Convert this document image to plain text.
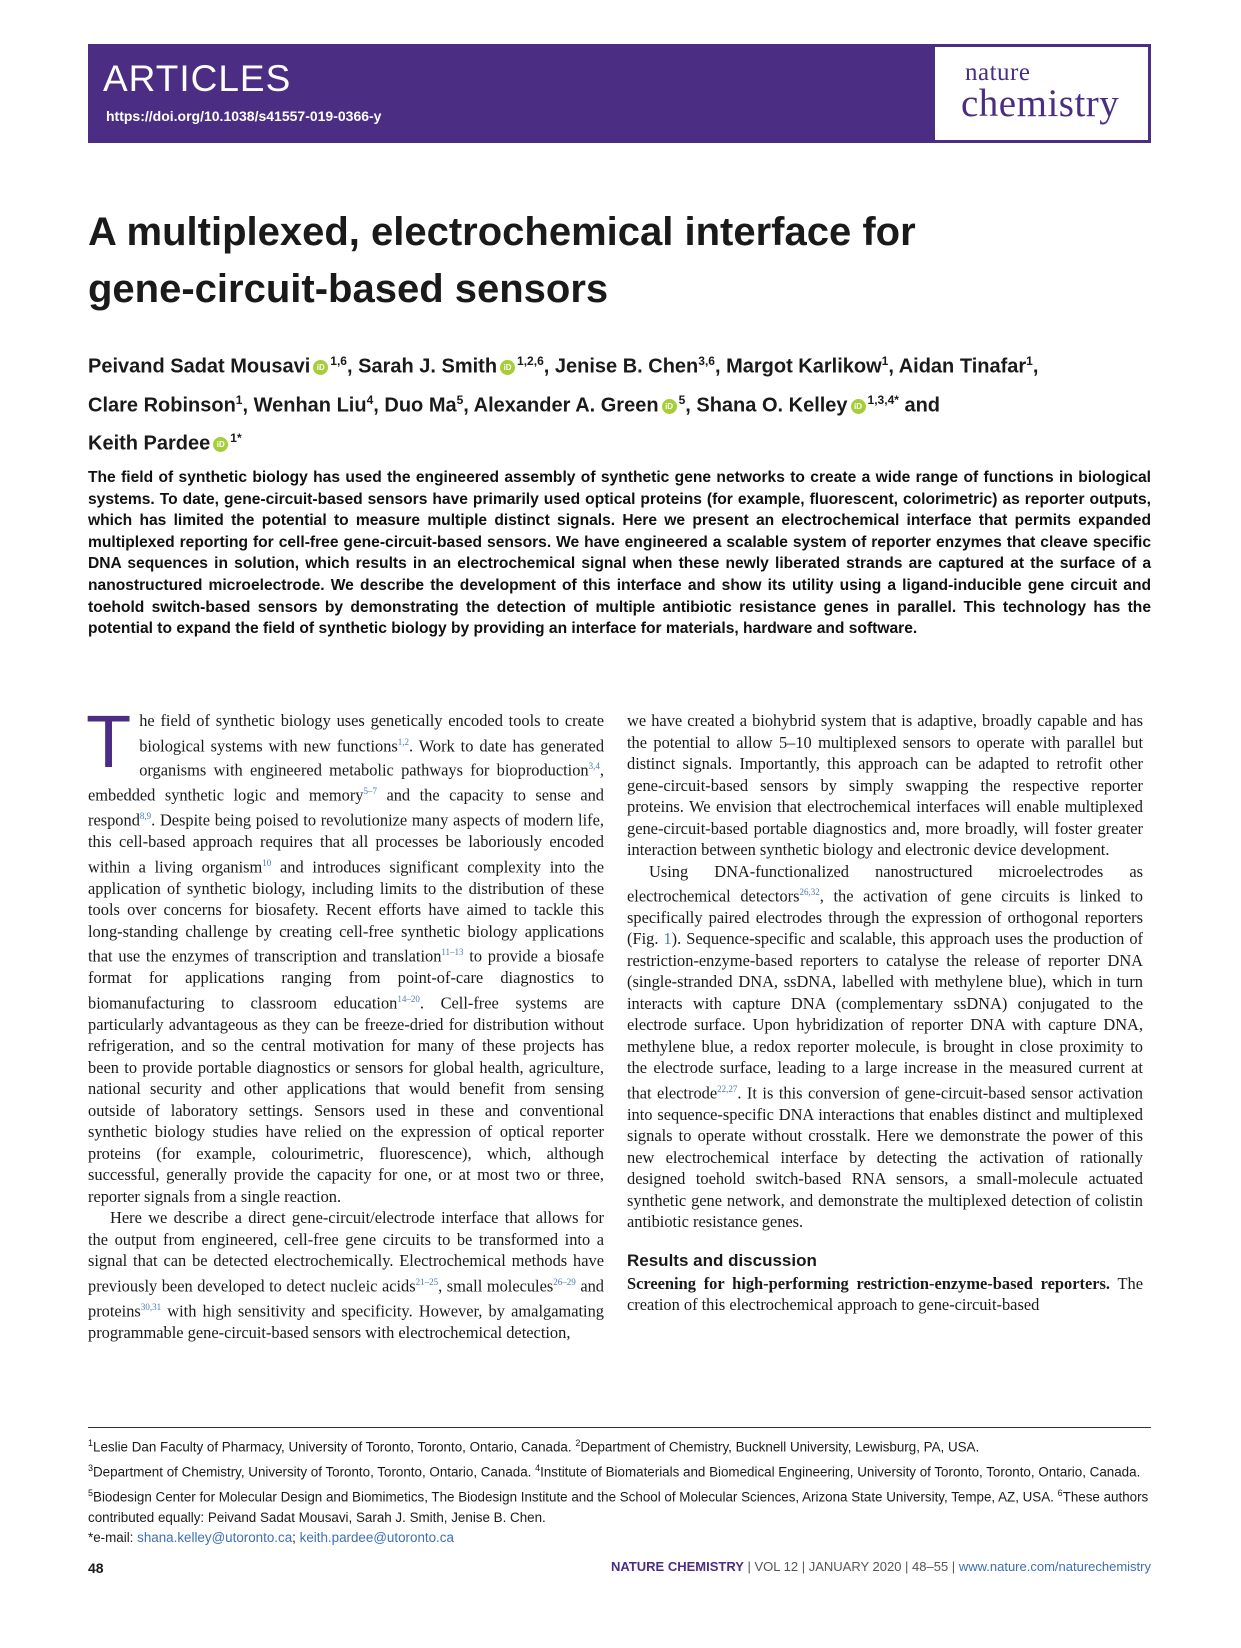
ARTICLES
https://doi.org/10.1038/s41557-019-0366-y
nature
chemistry
A multiplexed, electrochemical interface for
gene-circuit-based sensors
Peivand Sadat Mousavi iD $^{1,6}$, Sarah J. Smith iD $^{1,2,6}$, Jenise B. Chen$^{3,6}$, Margot Karlikow$^1$, Aidan Tinafar$^1$,
Clare Robinson$^1$, Wenhan Liu$^4$, Duo Ma$^5$, Alexander A. Green iD $^5$, Shana O. Kelley iD $^{1,3,4*}$ and
Keith Pardee iD $^{1*}$
The field of synthetic biology has used the engineered assembly of synthetic gene networks to create a wide range of functions in biological systems. To date, gene-circuit-based sensors have primarily used optical proteins (for example, fluorescent, colorimetric) as reporter outputs, which has limited the potential to measure multiple distinct signals. Here we present an electrochemical interface that permits expanded multiplexed reporting for cell-free gene-circuit-based sensors. We have engineered a scalable system of reporter enzymes that cleave specific DNA sequences in solution, which results in an electrochemical signal when these newly liberated strands are captured at the surface of a nanostructured microelectrode. We describe the development of this interface and show its utility using a ligand-inducible gene circuit and toehold switch-based sensors by demonstrating the detection of multiple antibiotic resistance genes in parallel. This technology has the potential to expand the field of synthetic biology by providing an interface for materials, hardware and software.

The field of synthetic biology uses genetically encoded tools to create biological systems with new functions$^{1,2}$. Work to date has generated organisms with engineered metabolic pathways for bioproduction$^{3,4}$, embedded synthetic logic and memory$^{5-7}$ and the capacity to sense and respond$^{8,9}$. Despite being poised to revolutionize many aspects of modern life, this cell-based approach requires that all processes be laboriously encoded within a living organism$^{10}$ and introduces significant complexity into the application of synthetic biology, including limits to the distribution of these tools over concerns for biosafety. Recent efforts have aimed to tackle this long-standing challenge by creating cell-free synthetic biology applications that use the enzymes of transcription and translation$^{11-13}$ to provide a biosafe format for applications ranging from point-of-care diagnostics to biomanufacturing to classroom education$^{14-20}$. Cell-free systems are particularly advantageous as they can be freeze-dried for distribution without refrigeration, and so the central motivation for many of these projects has been to provide portable diagnostics or sensors for global health, agriculture, national security and other applications that would benefit from sensing outside of laboratory settings. Sensors used in these and conventional synthetic biology studies have relied on the expression of optical reporter proteins (for example, colourimetric, fluorescence), which, although successful, generally provide the capacity for one, or at most two or three, reporter signals from a single reaction.

Here we describe a direct gene-circuit/electrode interface that allows for the output from engineered, cell-free gene circuits to be transformed into a signal that can be detected electrochemically. Electrochemical methods have previously been developed to detect nucleic acids$^{21-25}$, small molecules$^{26-29}$ and proteins$^{30,31}$ with high sensitivity and specificity. However, by amalgamating programmable gene-circuit-based sensors with electrochemical detection,

we have created a biohybrid system that is adaptive, broadly capable and has the potential to allow 5–10 multiplexed sensors to operate with parallel but distinct signals. Importantly, this approach can be adapted to retrofit other gene-circuit-based sensors by simply swapping the respective reporter proteins. We envision that electrochemical interfaces will enable multiplexed gene-circuit-based portable diagnostics and, more broadly, will foster greater interaction between synthetic biology and electronic device development.

Using DNA-functionalized nanostructured microelectrodes as electrochemical detectors$^{26,32}$, the activation of gene circuits is linked to specifically paired electrodes through the expression of orthogonal reporters (Fig. 1). Sequence-specific and scalable, this approach uses the production of restriction-enzyme-based reporters to catalyse the release of reporter DNA (single-stranded DNA, ssDNA, labelled with methylene blue), which in turn interacts with capture DNA (complementary ssDNA) conjugated to the electrode surface. Upon hybridization of reporter DNA with capture DNA, methylene blue, a redox reporter molecule, is brought in close proximity to the electrode surface, leading to a large increase in the measured current at that electrode$^{22,27}$. It is this conversion of gene-circuit-based sensor activation into sequence-specific DNA interactions that enables distinct and multiplexed signals to operate without crosstalk. Here we demonstrate the power of this new electrochemical interface by detecting the activation of rationally designed toehold switch-based RNA sensors, a small-molecule actuated synthetic gene network, and demonstrate the multiplexed detection of colistin antibiotic resistance genes.

Results and discussion
Screening for high-performing restriction-enzyme-based reporters. The creation of this electrochemical approach to gene-circuit-based
$^1$Leslie Dan Faculty of Pharmacy, University of Toronto, Toronto, Ontario, Canada. $^2$Department of Chemistry, Bucknell University, Lewisburg, PA, USA.
$^3$Department of Chemistry, University of Toronto, Toronto, Ontario, Canada. $^4$Institute of Biomaterials and Biomedical Engineering, University of Toronto, Toronto, Ontario, Canada. $^5$Biodesign Center for Molecular Design and Biomimetics, The Biodesign Institute and the School of Molecular Sciences, Arizona State University, Tempe, AZ, USA. $^6$These authors contributed equally: Peivand Sadat Mousavi, Sarah J. Smith, Jenise B. Chen.
*e-mail: shana.kelley@utoronto.ca; keith.pardee@utoronto.ca
48	NATURE CHEMISTRY | VOL 12 | JANUARY 2020 | 48–55 | www.nature.com/naturechemistry
